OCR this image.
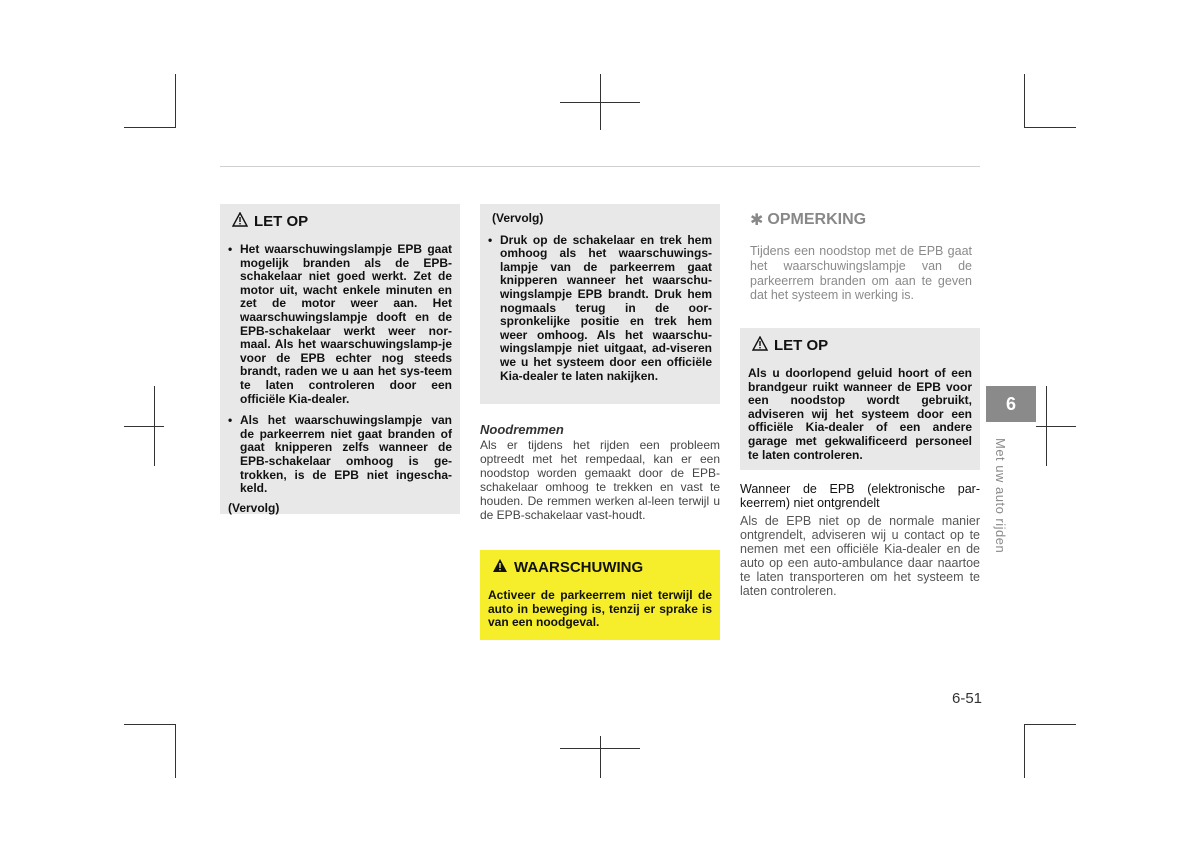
LET OP
• Het waarschuwingslampje EPB gaat mogelijk branden als de EPB-schakelaar niet goed werkt. Zet de motor uit, wacht enkele minuten en zet de motor weer aan. Het waarschuwingslampje dooft en de EPB-schakelaar werkt weer nor-maal. Als het waarschuwingslamp-je voor de EPB echter nog steeds brandt, raden we u aan het sys-teem te laten controleren door een officiële Kia-dealer.
• Als het waarschuwingslampje van de parkeerrem niet gaat branden of gaat knipperen zelfs wanneer de EPB-schakelaar omhoog is ge-trokken, is de EPB niet ingescha-keld.

(Vervolg)

(Vervolg)

• Druk op de schakelaar en trek hem omhoog als het waarschuwings-lampje van de parkeerrem gaat knipperen wanneer het waarschu-wingslampje EPB brandt. Druk hem nogmaals terug in de oor-spronkelijke positie en trek hem weer omhoog. Als het waarschu-wingslampje niet uitgaat, ad-viseren we u het systeem door een officiële Kia-dealer te laten nakijken.
Noodremmen

Als er tijdens het rijden een probleem optreedt met het rempedaal, kan er een noodstop worden gemaakt door de EPB-schakelaar omhoog te trekken en vast te houden. De remmen werken al-leen terwijl u de EPB-schakelaar vast-houdt.

WAARSCHUWING

Activeer de parkeerrem niet terwijl de auto in beweging is, tenzij er sprake is van een noodgeval.

✱ OPMERKING

Tijdens een noodstop met de EPB gaat het waarschuwingslampje van de parkeerrem branden om aan te geven dat het systeem in werking is.

LET OP

Als u doorlopend geluid hoort of een brandgeur ruikt wanneer de EPB voor een noodstop wordt gebruikt, adviseren wij het systeem door een officiële Kia-dealer of een andere garage met gekwalificeerd personeel te laten controleren.

Wanneer de EPB (elektronische par-keerrem) niet ontgrendelt

Als de EPB niet op de normale manier ontgrendelt, adviseren wij u contact op te nemen met een officiële Kia-dealer en de auto op een auto-ambulance daar naartoe te laten transporteren om het systeem te laten controleren.

6
Met uw auto rijden
6-51
